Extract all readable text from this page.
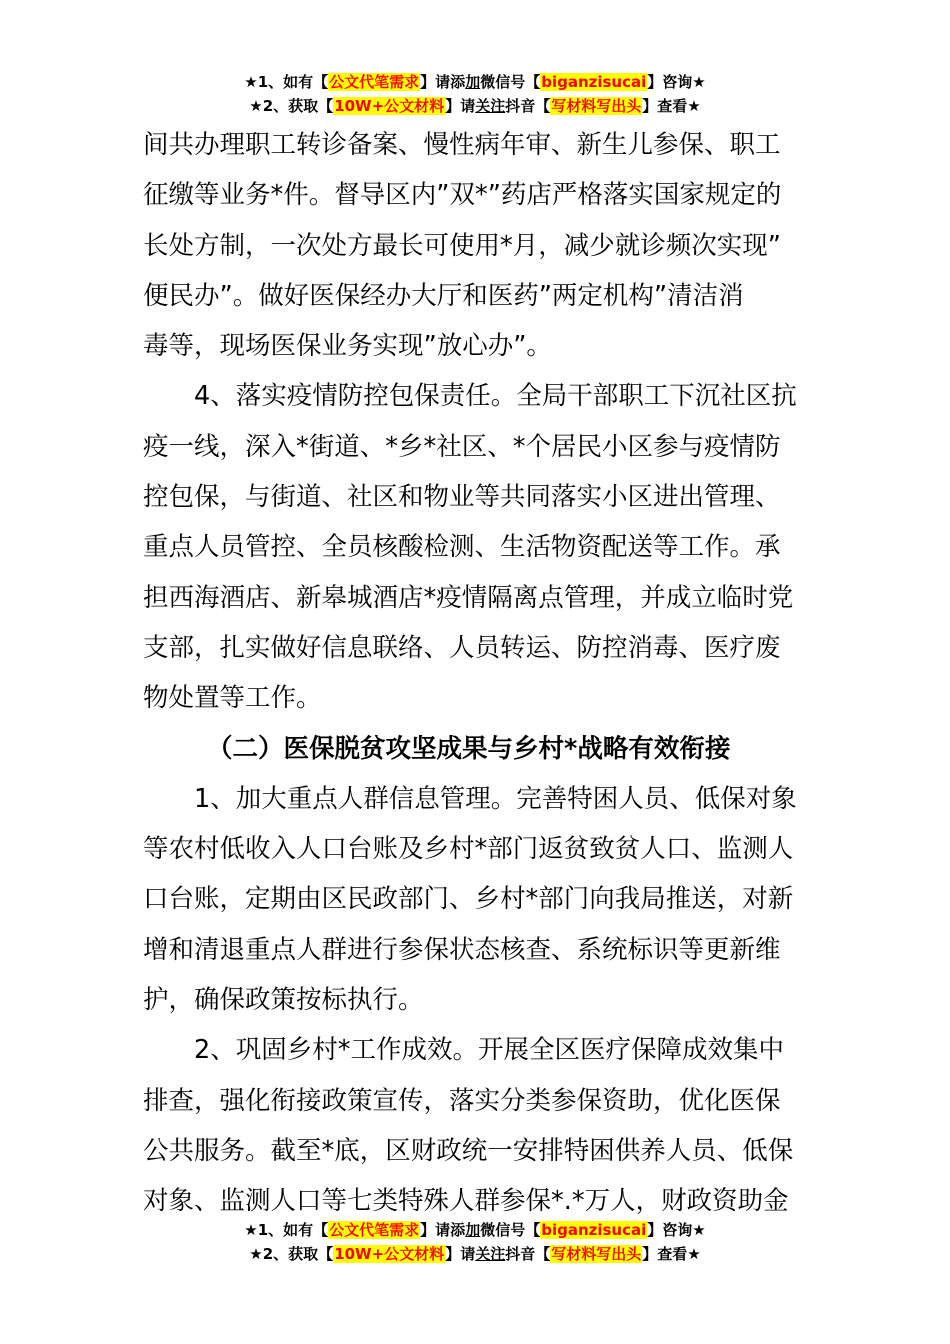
★1、如有【公文代笔需求】请添加微信号【biganzisucai】咨询★
★2、获取【10W+公文材料】请关注抖音【写材料写出头】查看★
间共办理职工转诊备案、慢性病年审、新生儿参保、职工
征缴等业务*件。督导区内”双*”药店严格落实国家规定的
长处方制，一次处方最长可使用*月，减少就诊频次实现”
便民办”。做好医保经办大厅和医药”两定机构”清洁消
毒等，现场医保业务实现”放心办”。
4、落实疫情防控包保责任。全局干部职工下沉社区抗
疫一线，深入*街道、*乡*社区、*个居民小区参与疫情防
控包保，与街道、社区和物业等共同落实小区进出管理、
重点人员管控、全员核酸检测、生活物资配送等工作。承
担西海酒店、新皋城酒店*疫情隔离点管理，并成立临时党
支部，扎实做好信息联络、人员转运、防控消毒、医疗废
物处置等工作。
（二）医保脱贫攻坚成果与乡村*战略有效衔接
1、加大重点人群信息管理。完善特困人员、低保对象
等农村低收入人口台账及乡村*部门返贫致贫人口、监测人
口台账，定期由区民政部门、乡村*部门向我局推送，对新
增和清退重点人群进行参保状态核查、系统标识等更新维
护，确保政策按标执行。
2、巩固乡村*工作成效。开展全区医疗保障成效集中
排查，强化衔接政策宣传，落实分类参保资助，优化医保
公共服务。截至*底，区财政统一安排特困供养人员、低保
对象、监测人口等七类特殊人群参保*.*万人，财政资助金
★1、如有【公文代笔需求】请添加微信号【biganzisucai】咨询★
★2、获取【10W+公文材料】请关注抖音【写材料写出头】查看★
